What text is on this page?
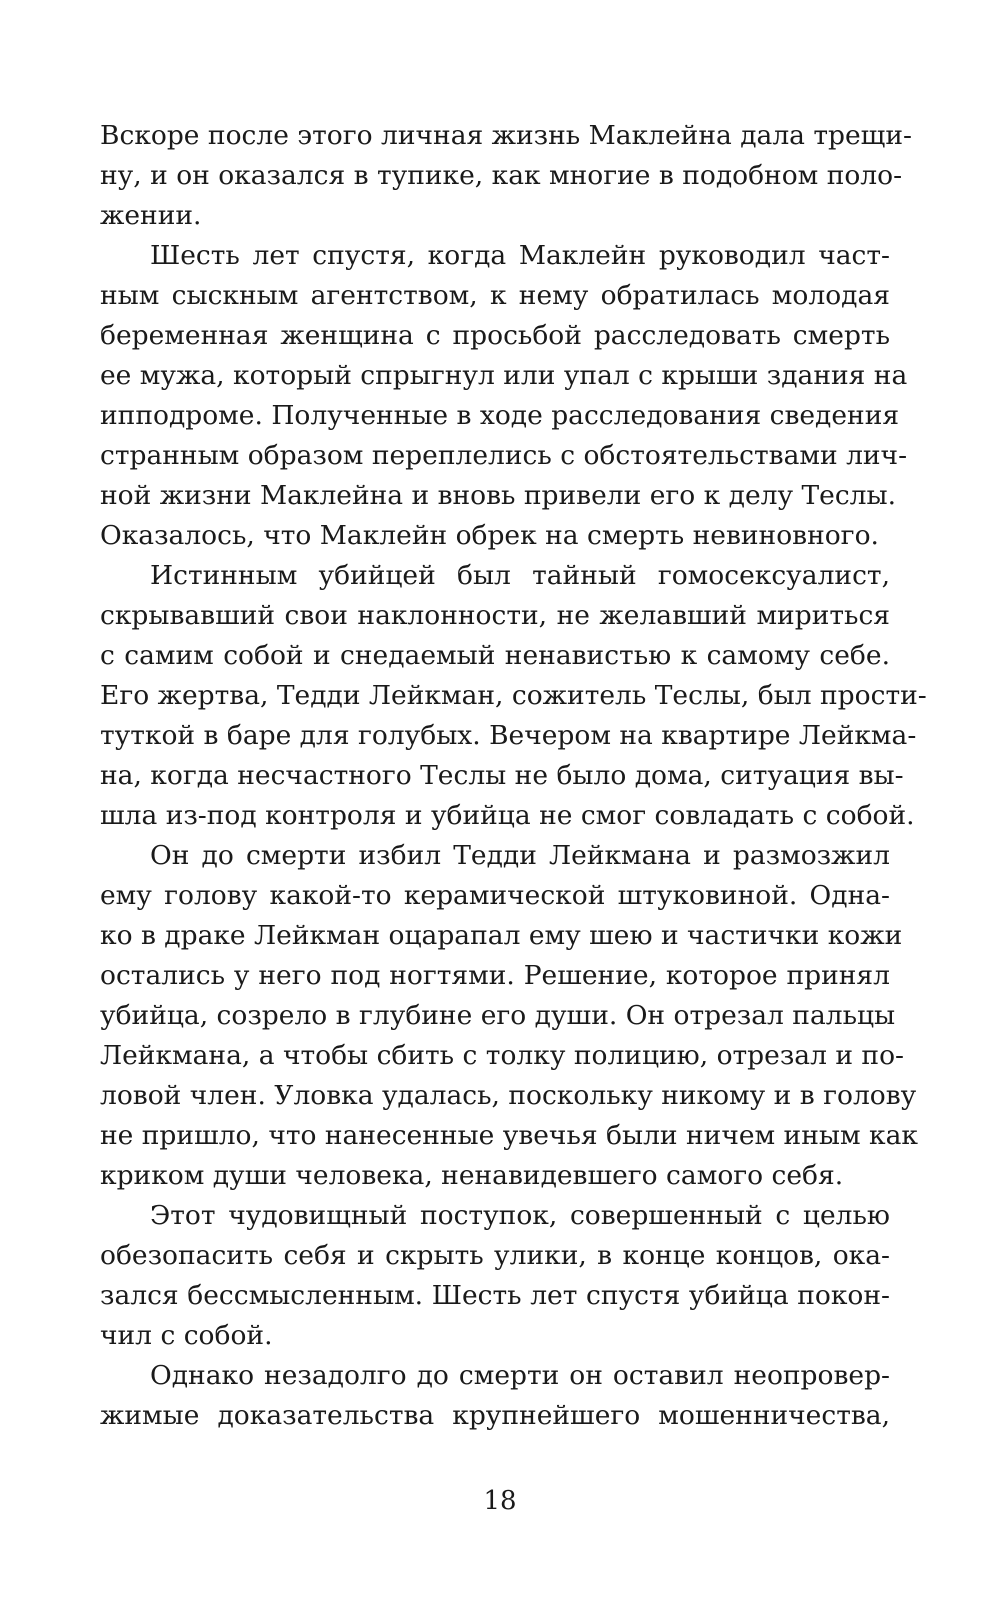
Вскоре после этого личная жизнь Маклейна дала трещи-
ну, и он оказался в тупике, как многие в подобном поло-
жении.

Шесть лет спустя, когда Маклейн руководил част-
ным сыскным агентством, к нему обратилась молодая
беременная женщина с просьбой расследовать смерть
ее мужа, который спрыгнул или упал с крыши здания на
ипподроме. Полученные в ходе расследования сведения
странным образом переплелись с обстоятельствами лич-
ной жизни Маклейна и вновь привели его к делу Теслы.
Оказалось, что Маклейн обрек на смерть невиновного.

Истинным убийцей был тайный гомосексуалист,
скрывавший свои наклонности, не желавший мириться
с самим собой и снедаемый ненавистью к самому себе.
Его жертва, Тедди Лейкман, сожитель Теслы, был прости-
туткой в баре для голубых. Вечером на квартире Лейкма-
на, когда несчастного Теслы не было дома, ситуация вы-
шла из-под контроля и убийца не смог совладать с собой.

Он до смерти избил Тедди Лейкмана и размозжил
ему голову какой-то керамической штуковиной. Одна-
ко в драке Лейкман оцарапал ему шею и частички кожи
остались у него под ногтями. Решение, которое принял
убийца, созрело в глубине его души. Он отрезал пальцы
Лейкмана, а чтобы сбить с толку полицию, отрезал и по-
ловой член. Уловка удалась, поскольку никому и в голову
не пришло, что нанесенные увечья были ничем иным как
криком души человека, ненавидевшего самого себя.

Этот чудовищный поступок, совершенный с целью
обезопасить себя и скрыть улики, в конце концов, ока-
зался бессмысленным. Шесть лет спустя убийца покон-
чил с собой.

Однако незадолго до смерти он оставил неопровер-
жимые доказательства крупнейшего мошенничества,

18
